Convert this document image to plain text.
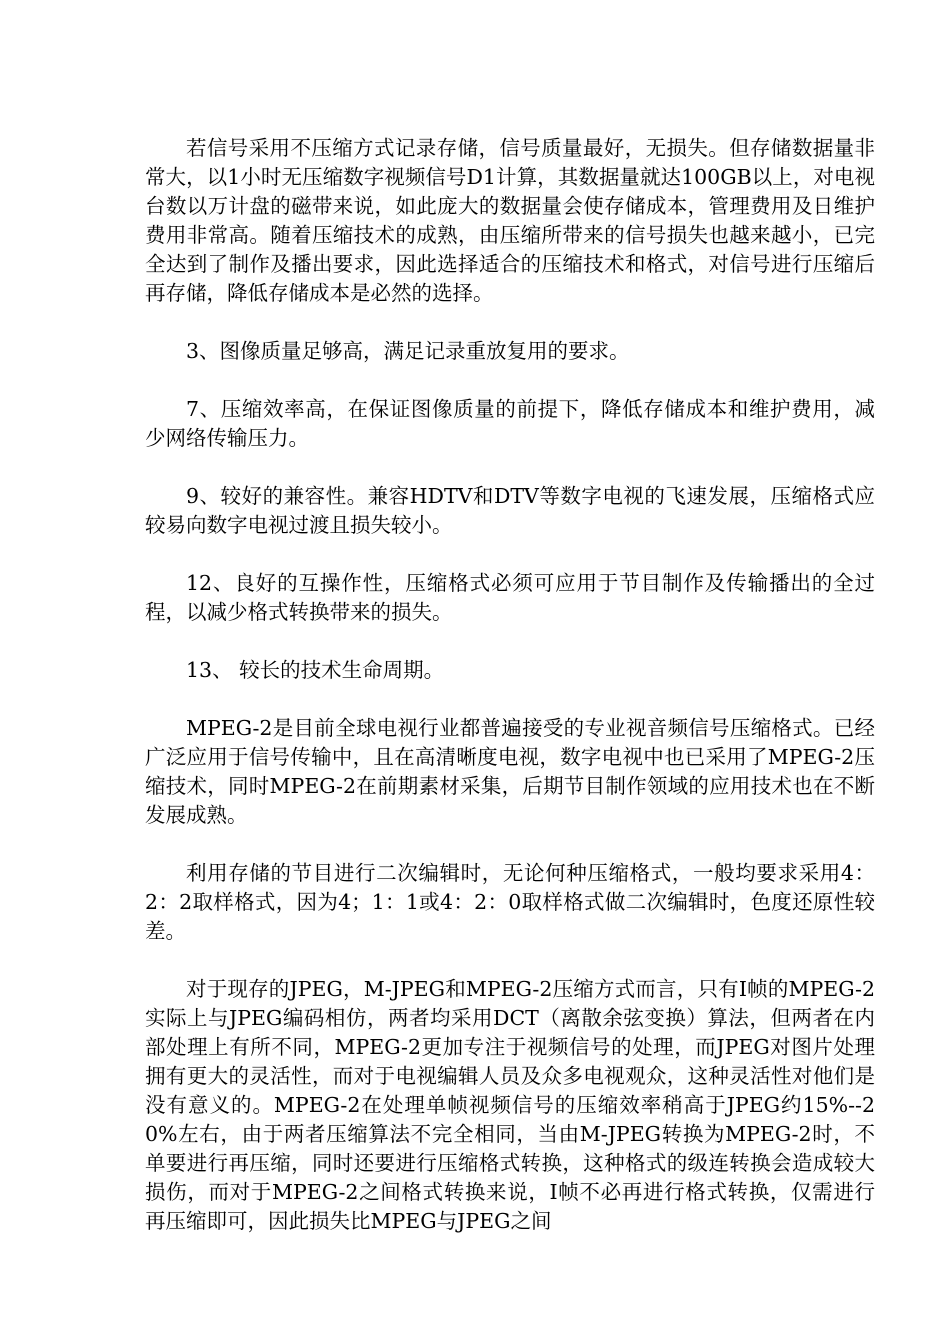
若信号采用不压缩方式记录存储，信号质量最好，无损失。但存储数据量非常大，以1小时无压缩数字视频信号D1计算，其数据量就达100GB以上，对电视台数以万计盘的磁带来说，如此庞大的数据量会使存储成本，管理费用及日维护费用非常高。随着压缩技术的成熟，由压缩所带来的信号损失也越来越小，已完全达到了制作及播出要求，因此选择适合的压缩技术和格式，对信号进行压缩后再存储，降低存储成本是必然的选择。

3、图像质量足够高，满足记录重放复用的要求。

7、压缩效率高，在保证图像质量的前提下，降低存储成本和维护费用，减少网络传输压力。

9、较好的兼容性。兼容HDTV和DTV等数字电视的飞速发展，压缩格式应较易向数字电视过渡且损失较小。

12、良好的互操作性，压缩格式必须可应用于节目制作及传输播出的全过程，以减少格式转换带来的损失。

13、 较长的技术生命周期。

MPEG-2是目前全球电视行业都普遍接受的专业视音频信号压缩格式。已经广泛应用于信号传输中，且在高清晰度电视，数字电视中也已采用了MPEG-2压缩技术，同时MPEG-2在前期素材采集，后期节目制作领域的应用技术也在不断发展成熟。

利用存储的节目进行二次编辑时，无论何种压缩格式，一般均要求采用4：2：2取样格式，因为4；1：1或4：2：0取样格式做二次编辑时，色度还原性较差。

对于现存的JPEG，M-JPEG和MPEG-2压缩方式而言，只有I帧的MPEG-2实际上与JPEG编码相仿，两者均采用DCT（离散余弦变换）算法，但两者在内部处理上有所不同，MPEG-2更加专注于视频信号的处理，而JPEG对图片处理拥有更大的灵活性，而对于电视编辑人员及众多电视观众，这种灵活性对他们是没有意义的。MPEG-2在处理单帧视频信号的压缩效率稍高于JPEG约15%--20%左右，由于两者压缩算法不完全相同，当由M-JPEG转换为MPEG-2时，不单要进行再压缩，同时还要进行压缩格式转换，这种格式的级连转换会造成较大损伤，而对于MPEG-2之间格式转换来说，I帧不必再进行格式转换，仅需进行再压缩即可，因此损失比MPEG与JPEG之间
